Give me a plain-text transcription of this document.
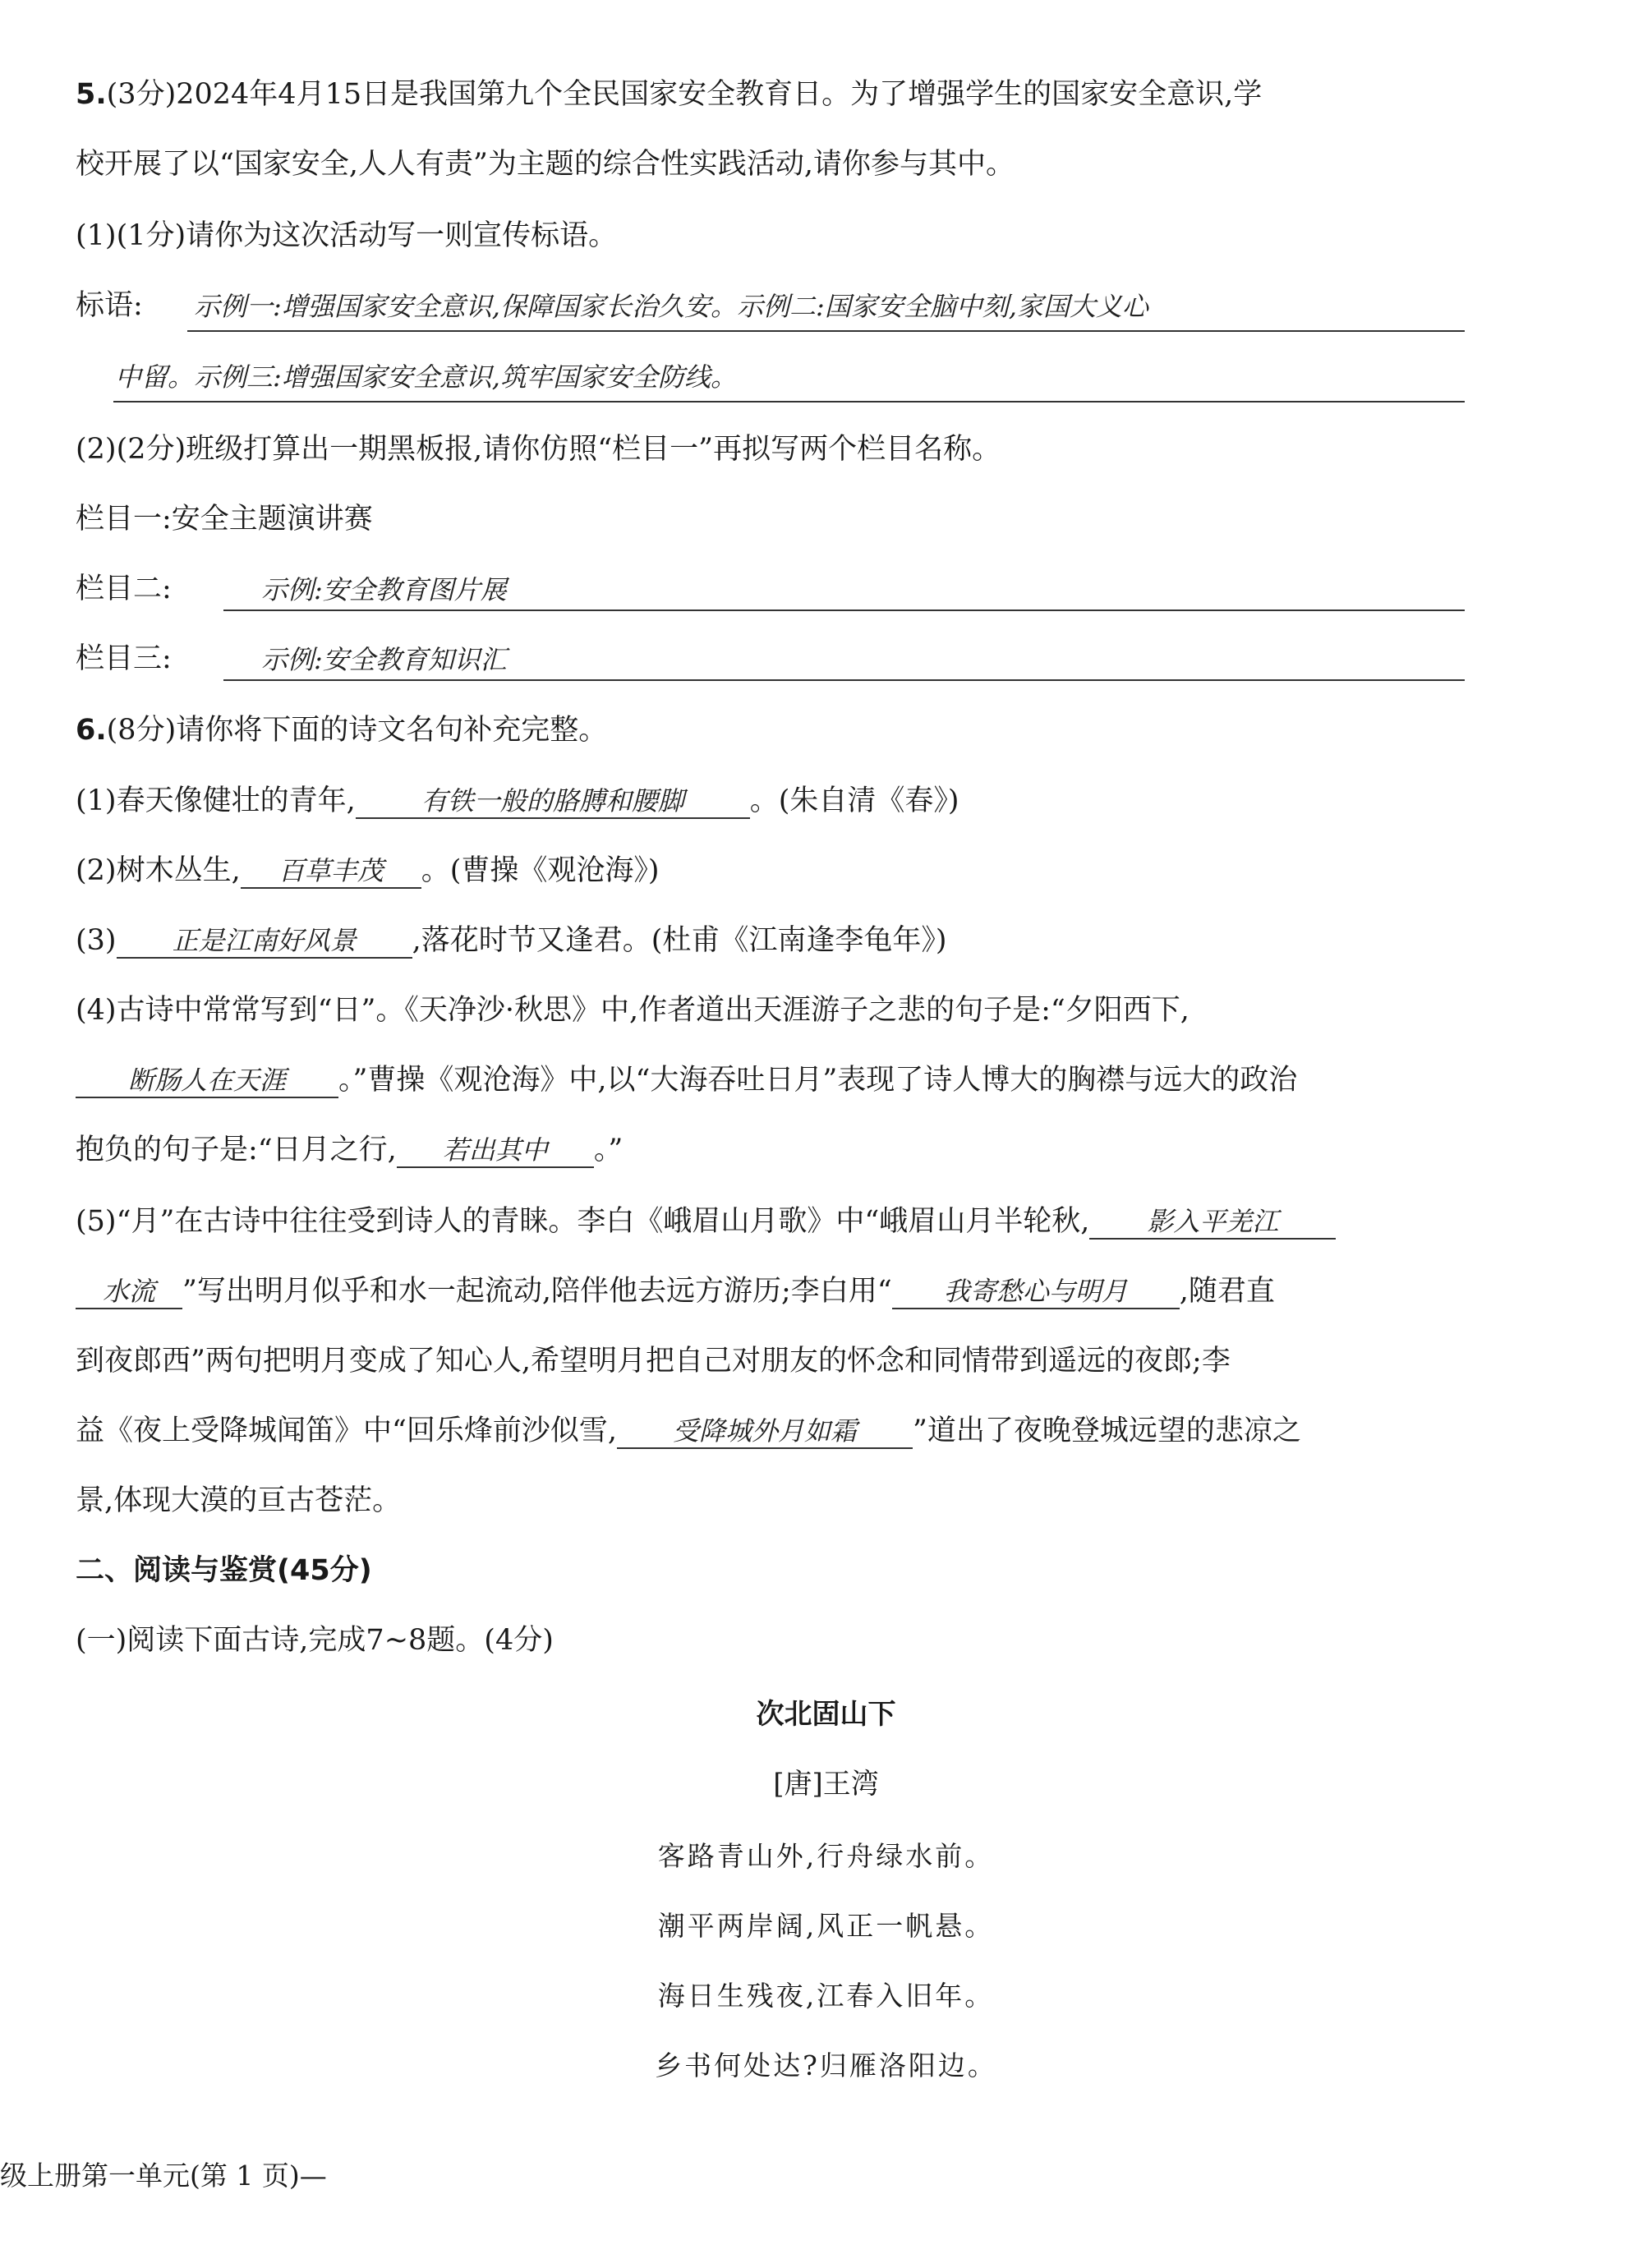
5.(3分)2024年4月15日是我国第九个全民国家安全教育日。为了增强学生的国家安全意识,学
校开展了以“国家安全,人人有责”为主题的综合性实践活动,请你参与其中。
(1)(1分)请你为这次活动写一则宣传标语。
标语: 示例一:增强国家安全意识,保障国家长治久安。示例二:国家安全脑中刻,家国大义心
中留。示例三:增强国家安全意识,筑牢国家安全防线。
(2)(2分)班级打算出一期黑板报,请你仿照“栏目一”再拟写两个栏目名称。
栏目一:安全主题演讲赛
栏目二:	示例:安全教育图片展
栏目三:	示例:安全教育知识汇
6.(8分)请你将下面的诗文名句补充完整。
(1)春天像健壮的青年, 有铁一般的胳膊和腰脚 。(朱自清《春》)
(2)树木丛生, 百草丰茂 。(曹操《观沧海》)
(3) 正是江南好风景 ,落花时节又逢君。(杜甫《江南逢李龟年》)
(4)古诗中常常写到“日”。《天净沙·秋思》中,作者道出天涯游子之悲的句子是:“夕阳西下,
断肠人在天涯 。”曹操《观沧海》中,以“大海吞吐日月”表现了诗人博大的胸襟与远大的政治
抱负的句子是:“日月之行, 若出其中 。”
(5)“月”在古诗中往往受到诗人的青睐。李白《峨眉山月歌》中“峨眉山月半轮秋, 影入平羌江
水流 ”写出明月似乎和水一起流动,陪伴他去远方游历;李白用“ 我寄愁心与明月 ,随君直
到夜郎西”两句把明月变成了知心人,希望明月把自己对朋友的怀念和同情带到遥远的夜郎;李
益《夜上受降城闻笛》中“回乐烽前沙似雪, 受降城外月如霜 ”道出了夜晚登城远望的悲凉之
景,体现大漠的亘古苍茫。
二、阅读与鉴赏(45分)
(一)阅读下面古诗,完成7~8题。(4分)
次北固山下
[唐]王湾
客路青山外,行舟绿水前。
潮平两岸阔,风正一帆悬。
海日生残夜,江春入旧年。
乡书何处达?归雁洛阳边。
级上册第一单元(第 1 页)—
